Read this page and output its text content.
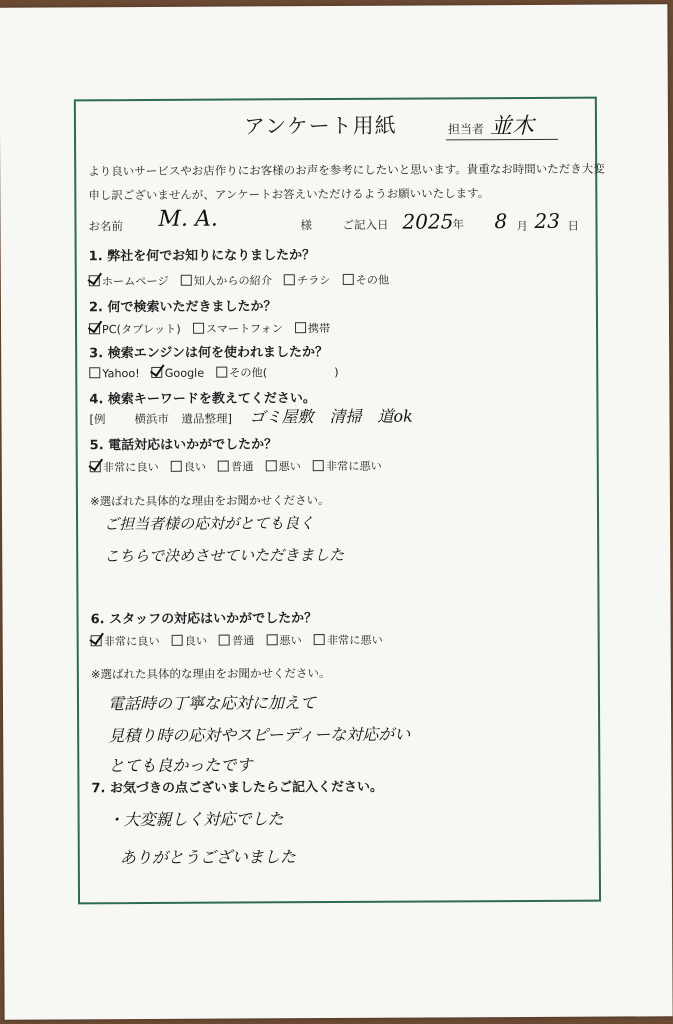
アンケート用紙	担当者 並木
より良いサービスやお店作りにお客様のお声を参考にしたいと思います。貴重なお時間いただき大変
申し訳ございませんが、アンケートお答えいただけるようお願いいたします。
お名前 M. A.	様	ご記入日 2025 年 8 月 23 日
1. 弊社を何でお知りになりましたか？
ホームページ 知人からの紹介 チラシ その他
2. 何で検索いただきましたか？
PC(タブレット) スマートフォン 携帯
3. 検索エンジンは何を使われましたか？
Yahoo! Google その他(　　　　　　)
4. 検索キーワードを教えてください。
[例	横浜市 遺品整理] ゴミ屋敷　清掃　道ok
5. 電話対応はいかがでしたか？
非常に良い 良い 普通 悪い 非常に悪い
※選ばれた具体的な理由をお聞かせください。
ご担当者様の応対がとても良く
こちらで決めさせていただきました
6. スタッフの対応はいかがでしたか？
非常に良い 良い 普通 悪い 非常に悪い
※選ばれた具体的な理由をお聞かせください。
電話時の丁寧な応対に加えて
見積り時の応対やスピーディーな対応がい
とても良かったです
7. お気づきの点ございましたらご記入ください。
・大変親しく対応でした
ありがとうございました
